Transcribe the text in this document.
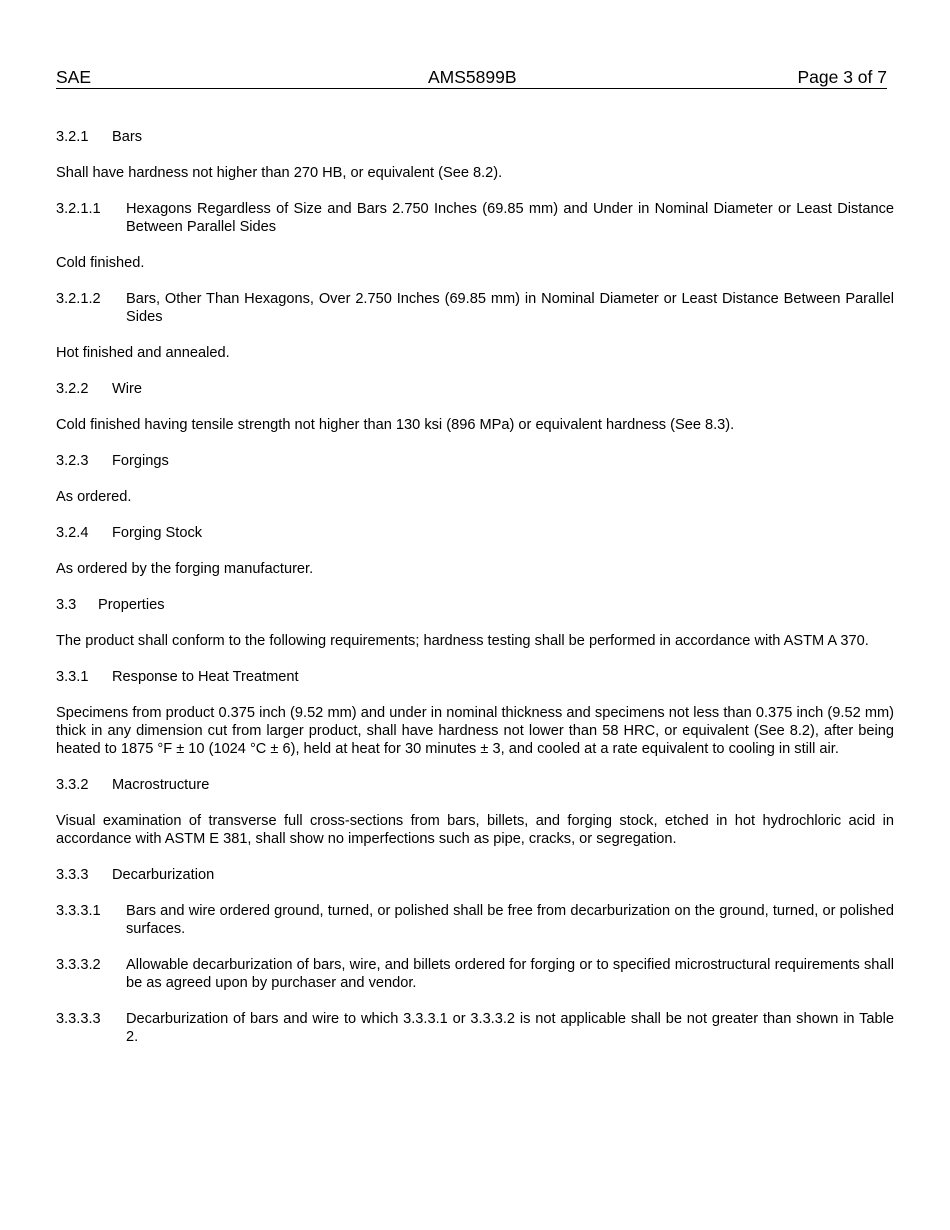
SAE	AMS5899B	Page 3 of 7
3.2.1	Bars

Shall have hardness not higher than 270 HB, or equivalent (See 8.2).

3.2.1.1	Hexagons Regardless of Size and Bars 2.750 Inches (69.85 mm) and Under in Nominal Diameter or Least Distance Between Parallel Sides

Cold finished.

3.2.1.2	Bars, Other Than Hexagons, Over 2.750 Inches (69.85 mm) in Nominal Diameter or Least Distance Between Parallel Sides

Hot finished and annealed.

3.2.2	Wire

Cold finished having tensile strength not higher than 130 ksi (896 MPa) or equivalent hardness (See 8.3).

3.2.3	Forgings

As ordered.

3.2.4	Forging Stock

As ordered by the forging manufacturer.

3.3	Properties

The product shall conform to the following requirements; hardness testing shall be performed in accordance with ASTM A 370.

3.3.1	Response to Heat Treatment

Specimens from product 0.375 inch (9.52 mm) and under in nominal thickness and specimens not less than 0.375 inch (9.52 mm) thick in any dimension cut from larger product, shall have hardness not lower than 58 HRC, or equivalent (See 8.2), after being heated to 1875 °F ± 10 (1024 °C ± 6), held at heat for 30 minutes ± 3, and cooled at a rate equivalent to cooling in still air.

3.3.2	Macrostructure

Visual examination of transverse full cross-sections from bars, billets, and forging stock, etched in hot hydrochloric acid in accordance with ASTM E 381, shall show no imperfections such as pipe, cracks, or segregation.

3.3.3	Decarburization
3.3.3.1	Bars and wire ordered ground, turned, or polished shall be free from decarburization on the ground, turned, or polished surfaces.
3.3.3.2	Allowable decarburization of bars, wire, and billets ordered for forging or to specified microstructural requirements shall be as agreed upon by purchaser and vendor.
3.3.3.3	Decarburization of bars and wire to which 3.3.3.1 or 3.3.3.2 is not applicable shall be not greater than shown in Table 2.
